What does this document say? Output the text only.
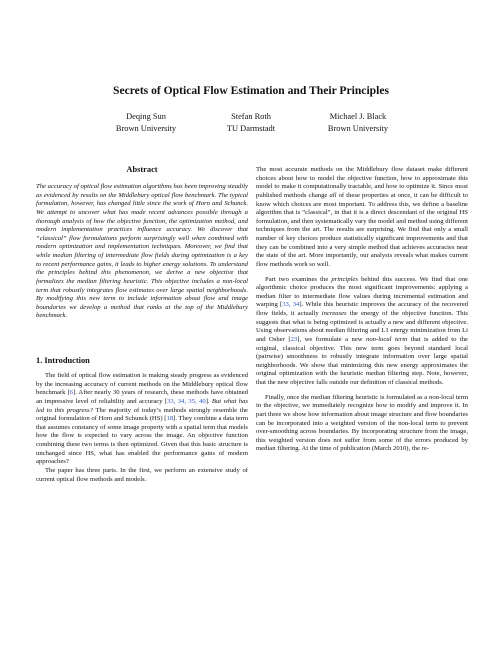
Secrets of Optical Flow Estimation and Their Principles
Deqing Sun
Brown University
Stefan Roth
TU Darmstadt
Michael J. Black
Brown University
Abstract

The accuracy of optical flow estimation algorithms has been improving steadily as evidenced by results on the Middlebury optical flow benchmark. The typical formulation, however, has changed little since the work of Horn and Schunck. We attempt to uncover what has made recent advances possible through a thorough analysis of how the objective function, the optimization method, and modern implementation practices influence accuracy. We discover that “classical” flow formulations perform surprisingly well when combined with modern optimization and implementation techniques. Moreover, we find that while median filtering of intermediate flow fields during optimization is a key to recent performance gains, it leads to higher energy solutions. To understand the principles behind this phenomenon, we derive a new objective that formalizes the median filtering heuristic. This objective includes a non-local term that robustly integrates flow estimates over large spatial neighborhoods. By modifying this new term to include information about flow and image boundaries we develop a method that ranks at the top of the Middlebury benchmark.

1. Introduction

The field of optical flow estimation is making steady progress as evidenced by the increasing accuracy of current methods on the Middlebury optical flow benchmark [6]. After nearly 30 years of research, these methods have obtained an impressive level of reliability and accuracy [33, 34, 35, 40]. But what has led to this progress? The majority of today’s methods strongly resemble the original formulation of Horn and Schunck (HS) [18]. They combine a data term that assumes constancy of some image property with a spatial term that models how the flow is expected to vary across the image. An objective function combining these two terms is then optimized. Given that this basic structure is unchanged since HS, what has enabled the performance gains of modern approaches?

The paper has three parts. In the first, we perform an extensive study of current optical flow methods and models.

The most accurate methods on the Middlebury flow dataset make different choices about how to model the objective function, how to approximate this model to make it computationally tractable, and how to optimize it. Since most published methods change all of these properties at once, it can be difficult to know which choices are most important. To address this, we define a baseline algorithm that is “classical”, in that it is a direct descendant of the original HS formulation, and then systematically vary the model and method using different techniques from the art. The results are surprising. We find that only a small number of key choices produce statistically significant improvements and that they can be combined into a very simple method that achieves accuracies near the state of the art. More importantly, our analysis reveals what makes current flow methods work so well.

Part two examines the principles behind this success. We find that one algorithmic choice produces the most significant improvements: applying a median filter to intermediate flow values during incremental estimation and warping [33, 34]. While this heuristic improves the accuracy of the recovered flow fields, it actually increases the energy of the objective function. This suggests that what is being optimized is actually a new and different objective. Using observations about median filtering and L1 energy minimization from Li and Osher [23], we formulate a new non-local term that is added to the original, classical objective. This new term goes beyond standard local (pairwise) smoothness to robustly integrate information over large spatial neighborhoods. We show that minimizing this new energy approximates the original optimization with the heuristic median filtering step. Note, however, that the new objective falls outside our definition of classical methods.

Finally, once the median filtering heuristic is formulated as a non-local term in the objective, we immediately recognize how to modify and improve it. In part three we show how information about image structure and flow boundaries can be incorporated into a weighted version of the non-local term to prevent over-smoothing across boundaries. By incorporating structure from the image, this weighted version does not suffer from some of the errors produced by median filtering. At the time of publication (March 2010), the re-
